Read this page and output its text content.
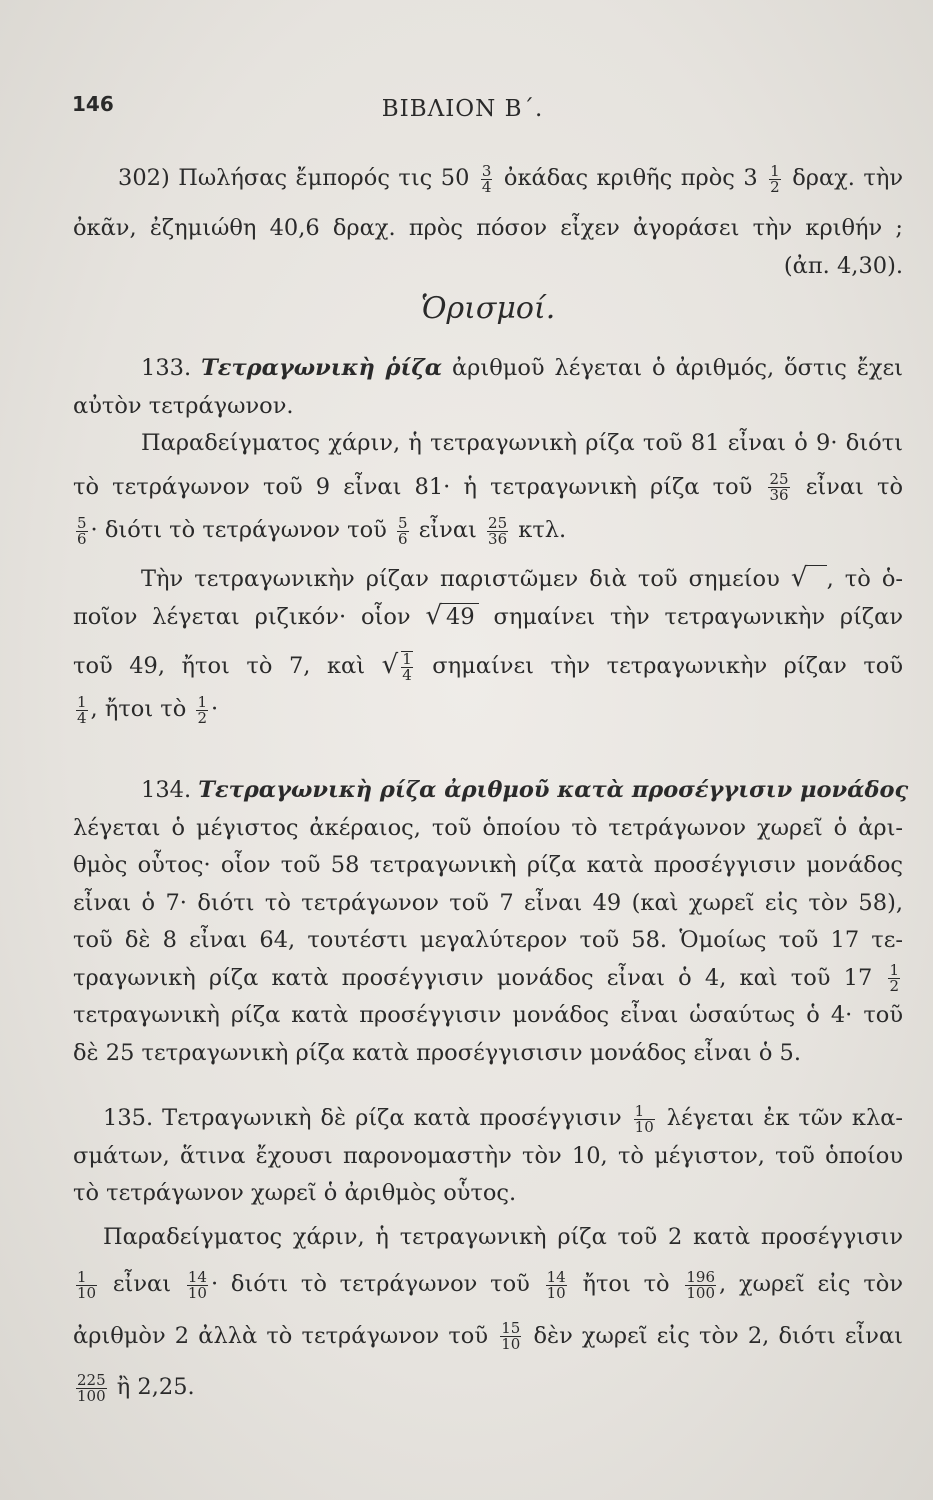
146	ΒΙΒΛΙΟΝ Β΄.
302) Πωλήσας ἔμπορός τις $50 \frac{3}{4}$ ὀκάδας κριθῆς πρὸς $3 \frac{1}{2} \delta\rho\alpha\chi$. τὴν
ὀκᾶν, ἐζημιώθη 40,6 δραχ. πρὸς πόσον εἶχεν ἀγοράσει τὴν κριθήν ;
(ἀπ. 4,30).
Ὁρισμοί.
133. Τετραγωνικὴ ῥίζα ἀριθμοῦ λέγεται ὁ ἀριθμός, ὅστις ἔχει
αὐτὸν τετράγωνον.
Παραδείγματος χάριν, ἡ τετραγωνικὴ ρίζα τοῦ 81 εἶναι ὁ 9· διότι
τὸ τετράγωνον τοῦ 9 εἶναι 81· ἡ τετραγωνικὴ ρίζα τοῦ $\frac{25}{36}$ εἶναι τὸ
$\frac{5}{6} \cdot \delta\iota ό\tau\iota$ τὸ τετράγωνον τοῦ $\frac{5}{6}$ εἶναι $\frac{25}{36} \kappa\tau\lambda$.
Τὴν τετραγωνικὴν ρίζαν παριστῶμεν διὰ τοῦ σημείου √ , τὸ ὁ-
ποῖον λέγεται ριζικόν· οἷον √ 49 σημαίνει τὴν τετραγωνικὴν ρίζαν
τοῦ 49, ἤτοι τὸ 7, καὶ √ $\frac{1}{4}$ σημαίνει τὴν τετραγωνικὴν ρίζαν τοῦ
$\frac{1}{4}$ , ἤτοι τὸ $\frac{1}{2}$ ·
134. Τετραγωνικὴ ρίζα ἀριθμοῦ κατὰ προσέγγισιν μονάδος
λέγεται ὁ μέγιστος ἀκέραιος, τοῦ ὁποίου τὸ τετράγωνον χωρεῖ ὁ ἀρι-
θμὸς οὗτος· οἷον τοῦ 58 τετραγωνικὴ ρίζα κατὰ προσέγγισιν μονάδος
εἶναι ὁ 7· διότι τὸ τετράγωνον τοῦ 7 εἶναι 49 (καὶ χωρεῖ εἰς τὸν 58),
τοῦ δὲ 8 εἶναι 64, τουτέστι μεγαλύτερον τοῦ 58. Ὁμοίως τοῦ 17 τε-
τραγωνικὴ ρίζα κατὰ προσέγγισιν μονάδος εἶναι ὁ 4, καὶ τοῦ $17 \frac{1}{2}$
τετραγωνικὴ ρίζα κατὰ προσέγγισιν μονάδος εἶναι ὡσαύτως ὁ 4· τοῦ
δὲ 25 τετραγωνικὴ ρίζα κατὰ προσέγγισισιν μονάδος εἶναι ὁ 5.
135. Τετραγωνικὴ δὲ ρίζα κατὰ προσέγγισιν $\frac{1}{10}$ λέγεται ἐκ τῶν κλα-
σμάτων, ἅτινα ἔχουσι παρονομαστὴν τὸν 10, τὸ μέγιστον, τοῦ ὁποίου
τὸ τετράγωνον χωρεῖ ὁ ἀριθμὸς οὗτος.
Παραδείγματος χάριν, ἡ τετραγωνικὴ ρίζα τοῦ 2 κατὰ προσέγγισιν
$\frac{1}{10}$ εἶναι $\frac{14}{10} \cdot \delta\iota ό\tau\iota$ τὸ τετράγωνον τοῦ $\frac{14}{10}$ ἤτοι τὸ $\frac{196}{100}$ , χωρεῖ εἰς τὸν
ἀριθμὸν 2 ἀλλὰ τὸ τετράγωνον τοῦ $\frac{15}{10}$ δὲν χωρεῖ εἰς τὸν 2, διότι εἶναι
$\frac{225}{100}$ ἢ 2,25.
